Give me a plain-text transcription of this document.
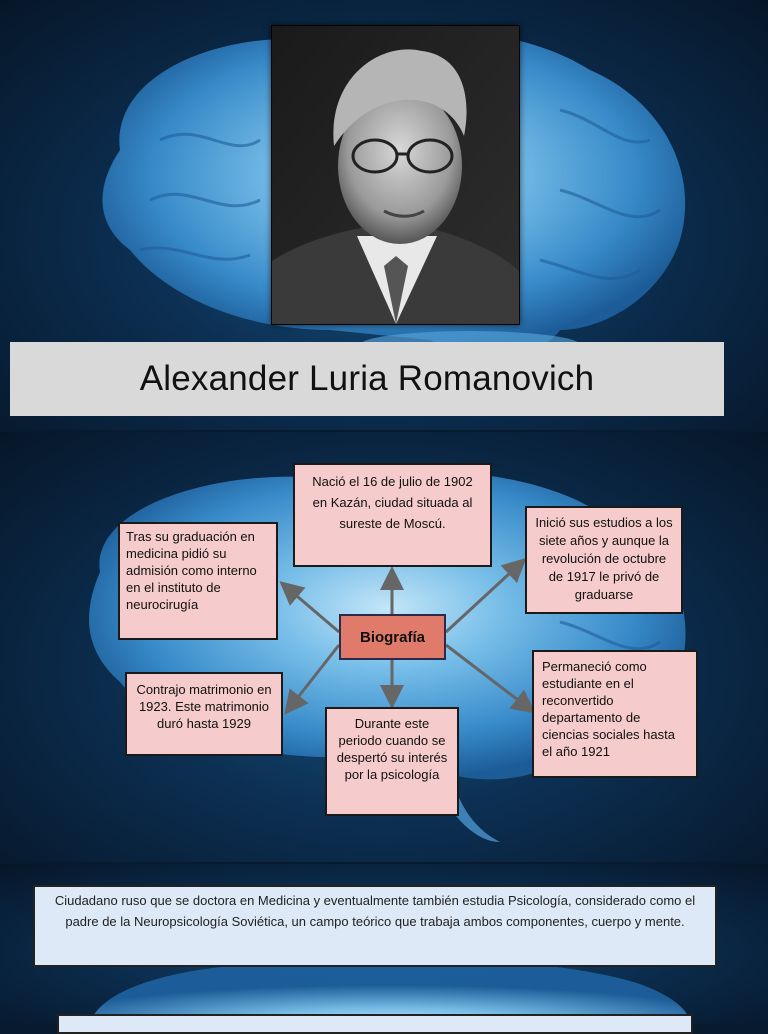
Alexander Luria Romanovich
Nació el 16 de julio de 1902 en Kazán, ciudad situada al sureste de Moscú.
Tras su graduación en medicina pidió su admisión como interno en el instituto de neurocirugía
Inició sus estudios a los siete años y aunque la revolución de octubre de 1917 le privó de graduarse
Contrajo matrimonio en 1923. Este matrimonio duró hasta 1929	Durante este periodo cuando se despertó su interés por la psicología
Permaneció como estudiante en el reconvertido departamento de ciencias sociales hasta el año 1921
Biografía
Ciudadano ruso que se doctora en Medicina y eventualmente también estudia Psicología, considerado como el padre de la Neuropsicología Soviética, un campo teórico que trabaja ambos componentes, cuerpo y mente.
